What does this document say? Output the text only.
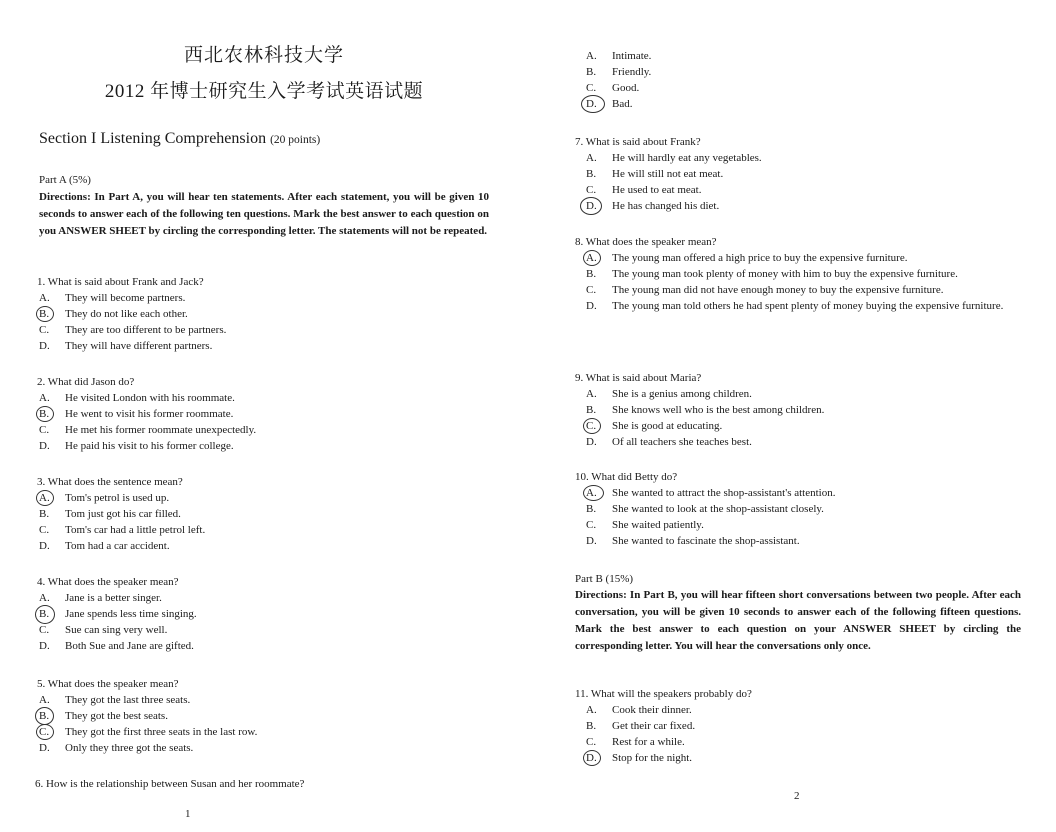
西北农林科技大学
2012 年博士研究生入学考试英语试题
Section I Listening Comprehension (20 points)
Part A (5%)
Directions: In Part A, you will hear ten statements. After each statement, you will be given 10 seconds to answer each of the following ten questions. Mark the best answer to each question on you ANSWER SHEET by circling the corresponding letter. The statements will not be repeated.
1. What is said about Frank and Jack?
A.	They will become partners.
B.	They do not like each other.
C.	They are too different to be partners.
D.	They will have different partners.
2. What did Jason do?
A.	He visited London with his roommate.
B.	He went to visit his former roommate.
C.	He met his former roommate unexpectedly.
D.	He paid his visit to his former college.
3. What does the sentence mean?
A.	Tom's petrol is used up.
B.	Tom just got his car filled.
C.	Tom's car had a little petrol left.
D.	Tom had a car accident.
4. What does the speaker mean?
A.	Jane is a better singer.
B.	Jane spends less time singing.
C.	Sue can sing very well.
D.	Both Sue and Jane are gifted.
5. What does the speaker mean?
A.	They got the last three seats.
B.	They got the best seats.
C.	They got the first three seats in the last row.
D.	Only they three got the seats.
6. How is the relationship between Susan and her roommate?
1
A.	Intimate.
B.	Friendly.
C.	Good.
D.	Bad.
7. What is said about Frank?
A.	He will hardly eat any vegetables.
B.	He will still not eat meat.
C.	He used to eat meat.
D.	He has changed his diet.
8. What does the speaker mean?
A.	The young man offered a high price to buy the expensive furniture.
B.	The young man took plenty of money with him to buy the expensive furniture.
C.	The young man did not have enough money to buy the expensive furniture.
D.	The young man told others he had spent plenty of money buying the expensive furniture.
9. What is said about Maria?
A.	She is a genius among children.
B.	She knows well who is the best among children.
C.	She is good at educating.
D.	Of all teachers she teaches best.
10. What did Betty do?
A.	She wanted to attract the shop-assistant's attention.
B.	She wanted to look at the shop-assistant closely.
C.	She waited patiently.
D.	She wanted to fascinate the shop-assistant.
Part B (15%)
Directions: In Part B, you will hear fifteen short conversations between two people. After each conversation, you will be given 10 seconds to answer each of the following fifteen questions. Mark the best answer to each question on your ANSWER SHEET by circling the corresponding letter. You will hear the conversations only once.
11. What will the speakers probably do?
A.	Cook their dinner.
B.	Get their car fixed.
C.	Rest for a while.
D.	Stop for the night.
2
